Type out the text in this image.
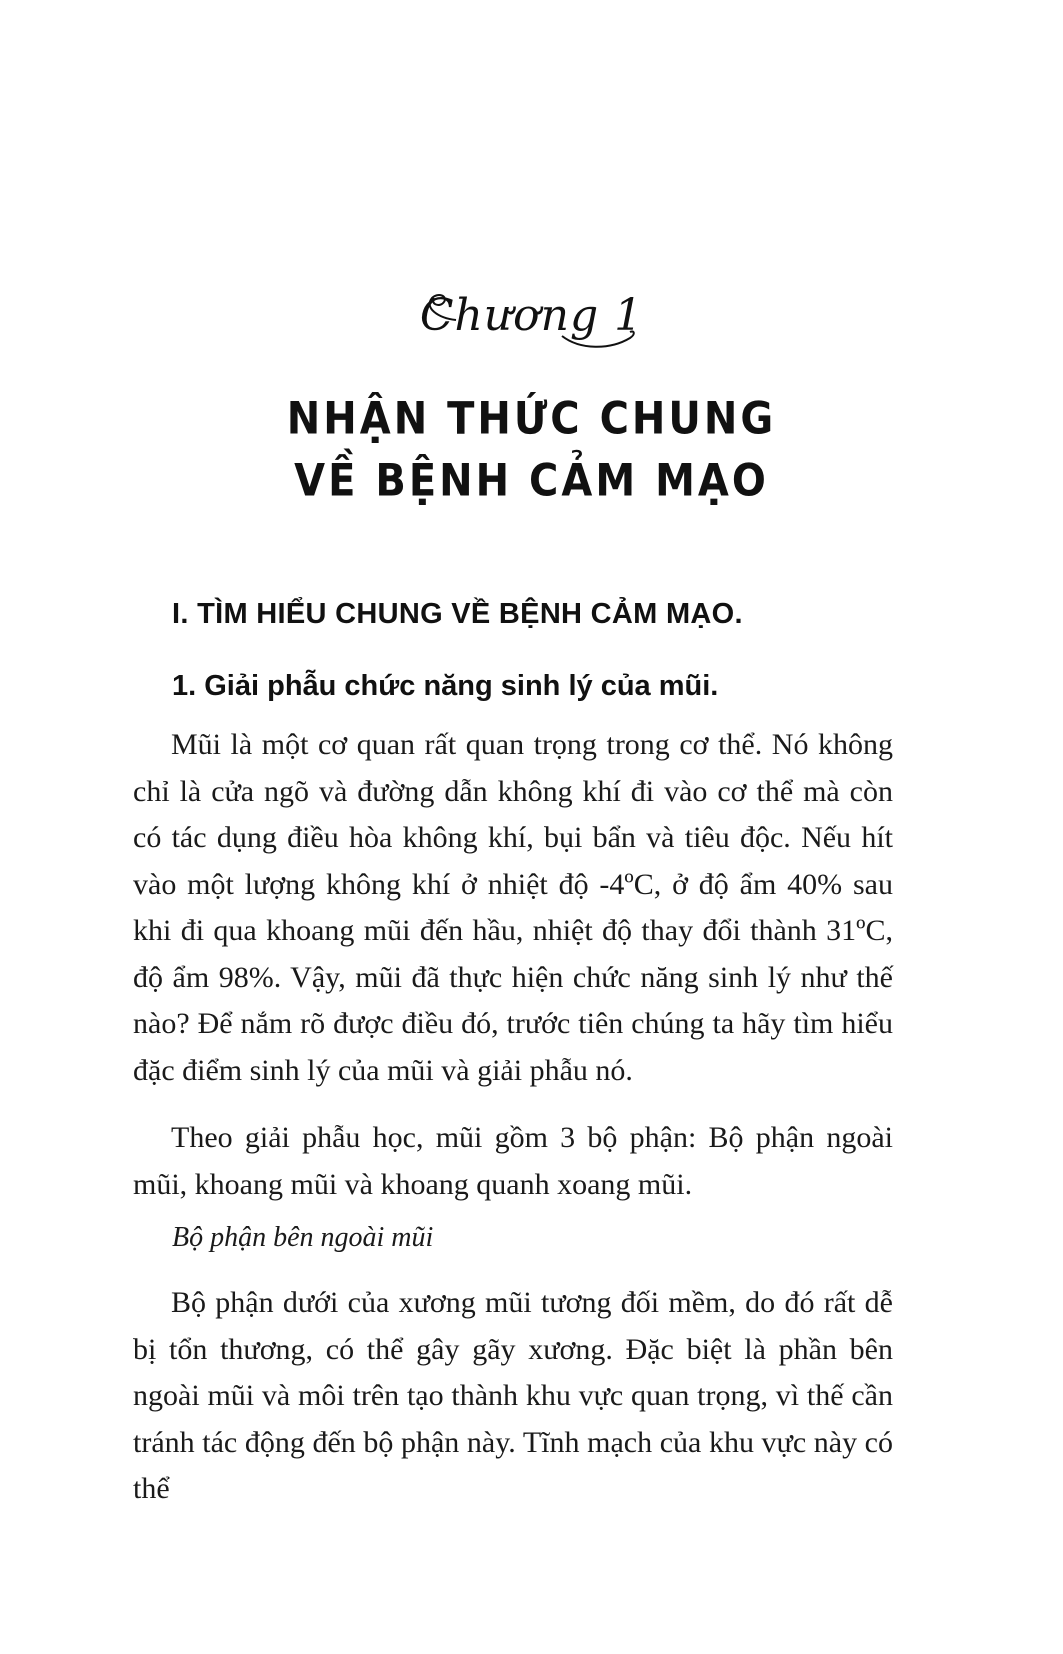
Chương 1
NHẬN THỨC CHUNG
VỀ BỆNH CẢM MẠO
I. TÌM HIỂU CHUNG VỀ BỆNH CẢM MẠO.
1. Giải phẫu chức năng sinh lý của mũi.

Mũi là một cơ quan rất quan trọng trong cơ thể. Nó không chỉ là cửa ngõ và đường dẫn không khí đi vào cơ thể mà còn có tác dụng điều hòa không khí, bụi bẩn và tiêu độc. Nếu hít vào một lượng không khí ở nhiệt độ -4ºC, ở độ ẩm 40% sau khi đi qua khoang mũi đến hầu, nhiệt độ thay đổi thành 31ºC, độ ẩm 98%. Vậy, mũi đã thực hiện chức năng sinh lý như thế nào? Để nắm rõ được điều đó, trước tiên chúng ta hãy tìm hiểu đặc điểm sinh lý của mũi và giải phẫu nó.

Theo giải phẫu học, mũi gồm 3 bộ phận: Bộ phận ngoài mũi, khoang mũi và khoang quanh xoang mũi.

Bộ phận bên ngoài mũi

Bộ phận dưới của xương mũi tương đối mềm, do đó rất dễ bị tổn thương, có thể gây gãy xương. Đặc biệt là phần bên ngoài mũi và môi trên tạo thành khu vực quan trọng, vì thế cần tránh tác động đến bộ phận này. Tĩnh mạch của khu vực này có thể
